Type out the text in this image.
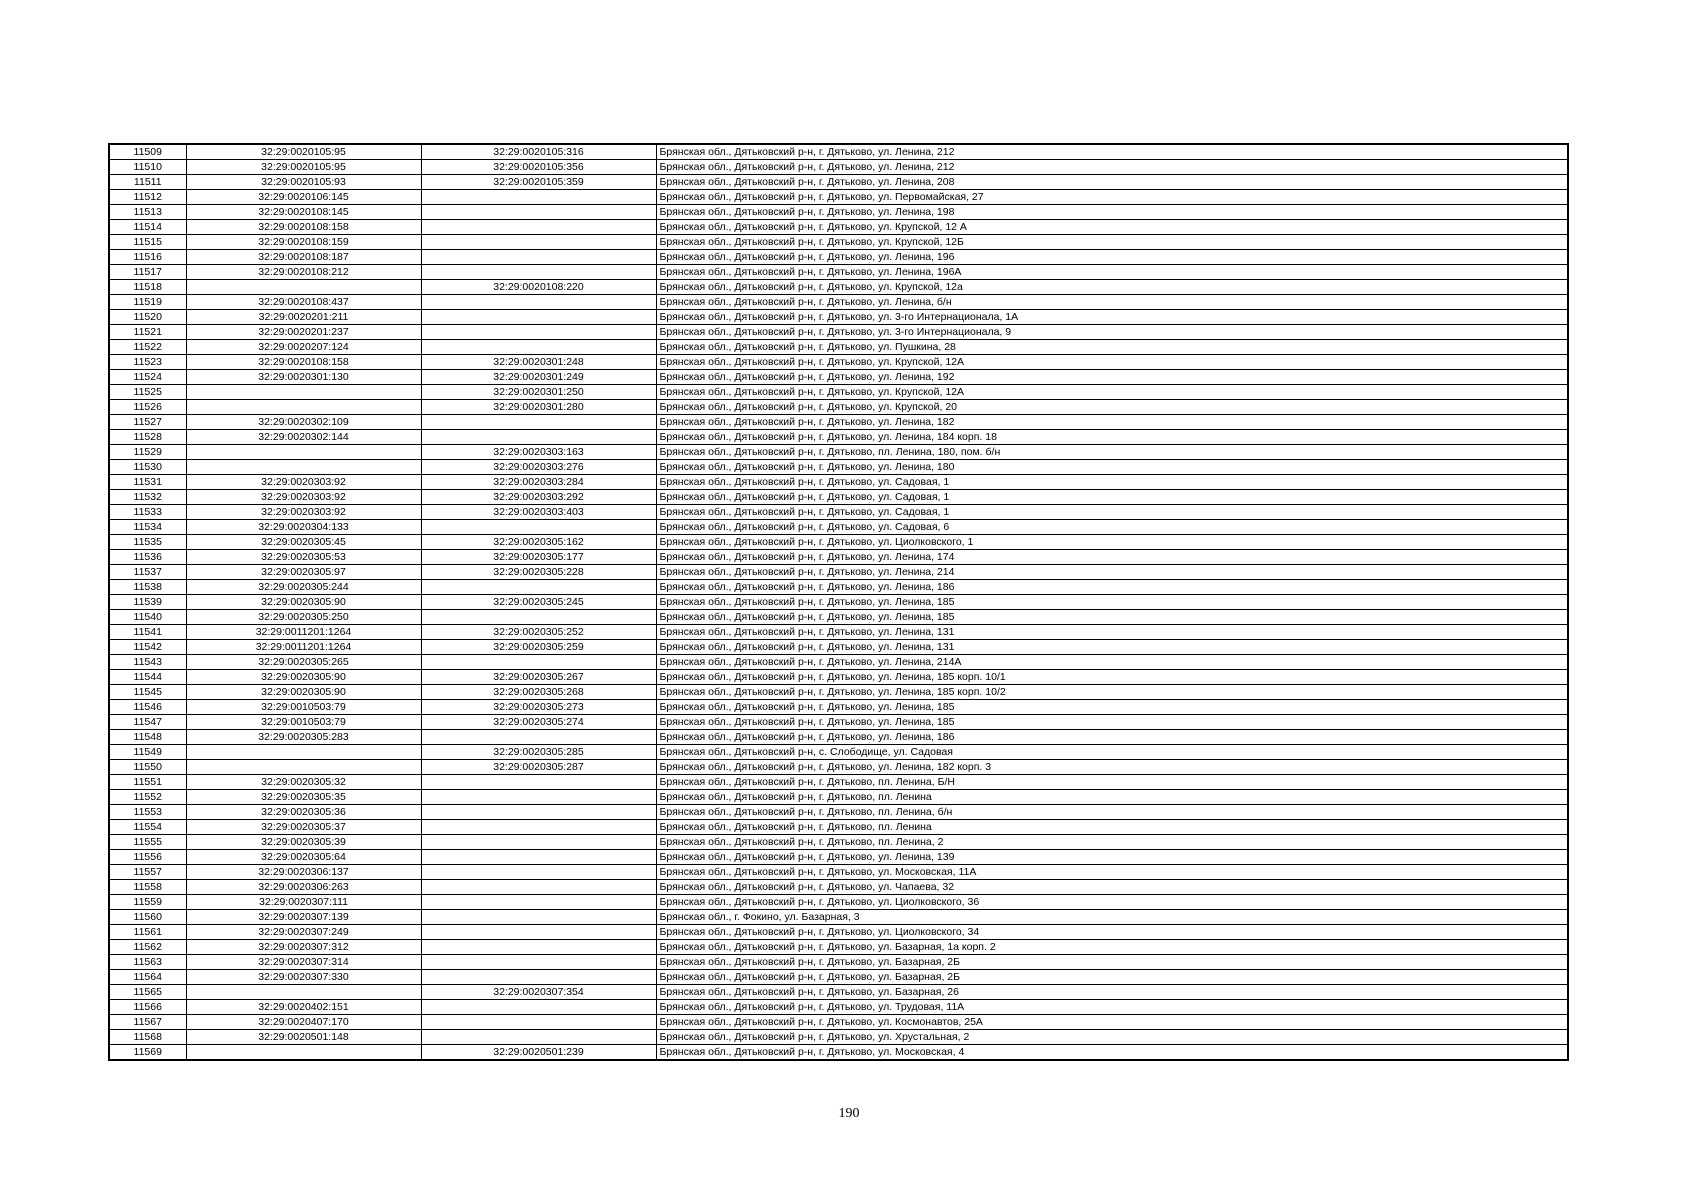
11509	32:29:0020105:95	32:29:0020105:316	Брянская обл., Дятьковский р-н, г. Дятьково, ул. Ленина, 212
11510	32:29:0020105:95	32:29:0020105:356	Брянская обл., Дятьковский р-н, г. Дятьково, ул. Ленина, 212
11511	32:29:0020105:93	32:29:0020105:359	Брянская обл., Дятьковский р-н, г. Дятьково, ул. Ленина, 208
11512	32:29:0020106:145		Брянская обл., Дятьковский р-н, г. Дятьково, ул. Первомайская, 27
11513	32:29:0020108:145		Брянская обл., Дятьковский р-н, г. Дятьково, ул. Ленина, 198
11514	32:29:0020108:158		Брянская обл., Дятьковский р-н, г. Дятьково, ул. Крупской, 12 А
11515	32:29:0020108:159		Брянская обл., Дятьковский р-н, г. Дятьково, ул. Крупской, 12Б
11516	32:29:0020108:187		Брянская обл., Дятьковский р-н, г. Дятьково, ул. Ленина, 196
11517	32:29:0020108:212		Брянская обл., Дятьковский р-н, г. Дятьково, ул. Ленина, 196А
11518		32:29:0020108:220	Брянская обл., Дятьковский р-н, г. Дятьково, ул. Крупской, 12а
11519	32:29:0020108:437		Брянская обл., Дятьковский р-н, г. Дятьково, ул. Ленина, б/н
11520	32:29:0020201:211		Брянская обл., Дятьковский р-н, г. Дятьково, ул. 3-го Интернационала, 1А
11521	32:29:0020201:237		Брянская обл., Дятьковский р-н, г. Дятьково, ул. 3-го Интернационала, 9
11522	32:29:0020207:124		Брянская обл., Дятьковский р-н, г. Дятьково, ул. Пушкина, 28
11523	32:29:0020108:158	32:29:0020301:248	Брянская обл., Дятьковский р-н, г. Дятьково, ул. Крупской, 12А
11524	32:29:0020301:130	32:29:0020301:249	Брянская обл., Дятьковский р-н, г. Дятьково, ул. Ленина, 192
11525		32:29:0020301:250	Брянская обл., Дятьковский р-н, г. Дятьково, ул. Крупской, 12А
11526		32:29:0020301:280	Брянская обл., Дятьковский р-н, г. Дятьково, ул. Крупской, 20
11527	32:29:0020302:109		Брянская обл., Дятьковский р-н, г. Дятьково, ул. Ленина, 182
11528	32:29:0020302:144		Брянская обл., Дятьковский р-н, г. Дятьково, ул. Ленина, 184 корп. 18
11529		32:29:0020303:163	Брянская обл., Дятьковский р-н, г. Дятьково, пл. Ленина, 180, пом. б/н
11530		32:29:0020303:276	Брянская обл., Дятьковский р-н, г. Дятьково, ул. Ленина, 180
11531	32:29:0020303:92	32:29:0020303:284	Брянская обл., Дятьковский р-н, г. Дятьково, ул. Садовая, 1
11532	32:29:0020303:92	32:29:0020303:292	Брянская обл., Дятьковский р-н, г. Дятьково, ул. Садовая, 1
11533	32:29:0020303:92	32:29:0020303:403	Брянская обл., Дятьковский р-н, г. Дятьково, ул. Садовая, 1
11534	32:29:0020304:133		Брянская обл., Дятьковский р-н, г. Дятьково, ул. Садовая, 6
11535	32:29:0020305:45	32:29:0020305:162	Брянская обл., Дятьковский р-н, г. Дятьково, ул. Циолковского, 1
11536	32:29:0020305:53	32:29:0020305:177	Брянская обл., Дятьковский р-н, г. Дятьково, ул. Ленина, 174
11537	32:29:0020305:97	32:29:0020305:228	Брянская обл., Дятьковский р-н, г. Дятьково, ул. Ленина, 214
11538	32:29:0020305:244		Брянская обл., Дятьковский р-н, г. Дятьково, ул. Ленина, 186
11539	32:29:0020305:90	32:29:0020305:245	Брянская обл., Дятьковский р-н, г. Дятьково, ул. Ленина, 185
11540	32:29:0020305:250		Брянская обл., Дятьковский р-н, г. Дятьково, ул. Ленина, 185
11541	32:29:0011201:1264	32:29:0020305:252	Брянская обл., Дятьковский р-н, г. Дятьково, ул. Ленина, 131
11542	32:29:0011201:1264	32:29:0020305:259	Брянская обл., Дятьковский р-н, г. Дятьково, ул. Ленина, 131
11543	32:29:0020305:265		Брянская обл., Дятьковский р-н, г. Дятьково, ул. Ленина, 214А
11544	32:29:0020305:90	32:29:0020305:267	Брянская обл., Дятьковский р-н, г. Дятьково, ул. Ленина, 185 корп. 10/1
11545	32:29:0020305:90	32:29:0020305:268	Брянская обл., Дятьковский р-н, г. Дятьково, ул. Ленина, 185 корп. 10/2
11546	32:29:0010503:79	32:29:0020305:273	Брянская обл., Дятьковский р-н, г. Дятьково, ул. Ленина, 185
11547	32:29:0010503:79	32:29:0020305:274	Брянская обл., Дятьковский р-н, г. Дятьково, ул. Ленина, 185
11548	32:29:0020305:283		Брянская обл., Дятьковский р-н, г. Дятьково, ул. Ленина, 186
11549		32:29:0020305:285	Брянская обл., Дятьковский р-н, с. Слободище, ул. Садовая
11550		32:29:0020305:287	Брянская обл., Дятьковский р-н, г. Дятьково, ул. Ленина, 182 корп. 3
11551	32:29:0020305:32		Брянская обл., Дятьковский р-н, г. Дятьково, пл. Ленина, Б/Н
11552	32:29:0020305:35		Брянская обл., Дятьковский р-н, г. Дятьково, пл. Ленина
11553	32:29:0020305:36		Брянская обл., Дятьковский р-н, г. Дятьково, пл. Ленина, б/н
11554	32:29:0020305:37		Брянская обл., Дятьковский р-н, г. Дятьково, пл. Ленина
11555	32:29:0020305:39		Брянская обл., Дятьковский р-н, г. Дятьково, пл. Ленина, 2
11556	32:29:0020305:64		Брянская обл., Дятьковский р-н, г. Дятьково, ул. Ленина, 139
11557	32:29:0020306:137		Брянская обл., Дятьковский р-н, г. Дятьково, ул. Московская, 11А
11558	32:29:0020306:263		Брянская обл., Дятьковский р-н, г. Дятьково, ул. Чапаева, 32
11559	32:29:0020307:111		Брянская обл., Дятьковский р-н, г. Дятьково, ул. Циолковского, 36
11560	32:29:0020307:139		Брянская обл., г. Фокино, ул. Базарная, 3
11561	32:29:0020307:249		Брянская обл., Дятьковский р-н, г. Дятьково, ул. Циолковского, 34
11562	32:29:0020307:312		Брянская обл., Дятьковский р-н, г. Дятьково, ул. Базарная, 1а корп. 2
11563	32:29:0020307:314		Брянская обл., Дятьковский р-н, г. Дятьково, ул. Базарная, 2Б
11564	32:29:0020307:330		Брянская обл., Дятьковский р-н, г. Дятьково, ул. Базарная, 2Б
11565		32:29:0020307:354	Брянская обл., Дятьковский р-н, г. Дятьково, ул. Базарная, 26
11566	32:29:0020402:151		Брянская обл., Дятьковский р-н, г. Дятьково, ул. Трудовая, 11А
11567	32:29:0020407:170		Брянская обл., Дятьковский р-н, г. Дятьково, ул. Космонавтов, 25А
11568	32:29:0020501:148		Брянская обл., Дятьковский р-н, г. Дятьково, ул. Хрустальная, 2
11569		32:29:0020501:239	Брянская обл., Дятьковский р-н, г. Дятьково, ул. Московская, 4
190
